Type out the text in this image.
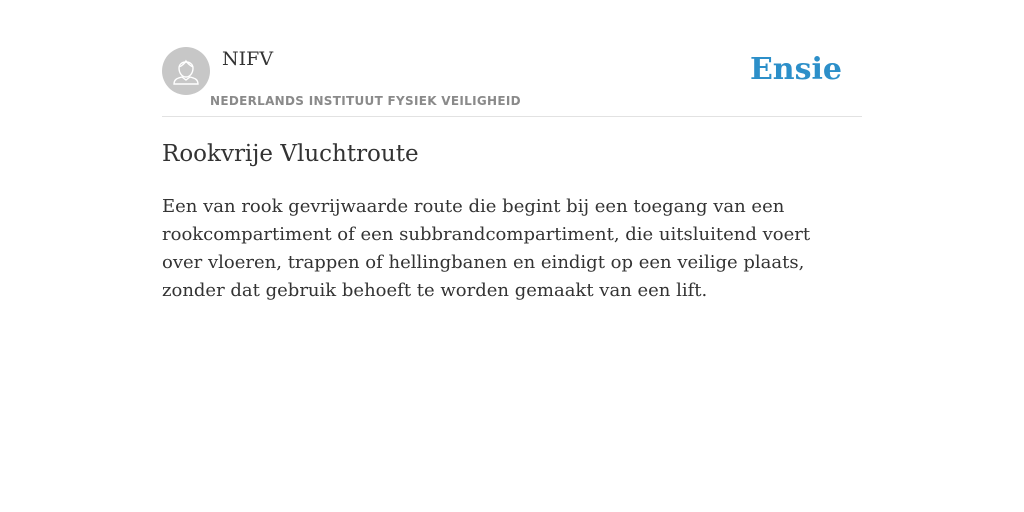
NIFV
NEDERLANDS INSTITUUT FYSIEK VEILIGHEID
Ensie
Rookvrije Vluchtroute

Een van rook gevrijwaarde route die begint bij een toegang van een rookcompartiment of een subbrandcompartiment, die uitsluitend voert over vloeren, trappen of hellingbanen en eindigt op een veilige plaats, zonder dat gebruik behoeft te worden gemaakt van een lift.
